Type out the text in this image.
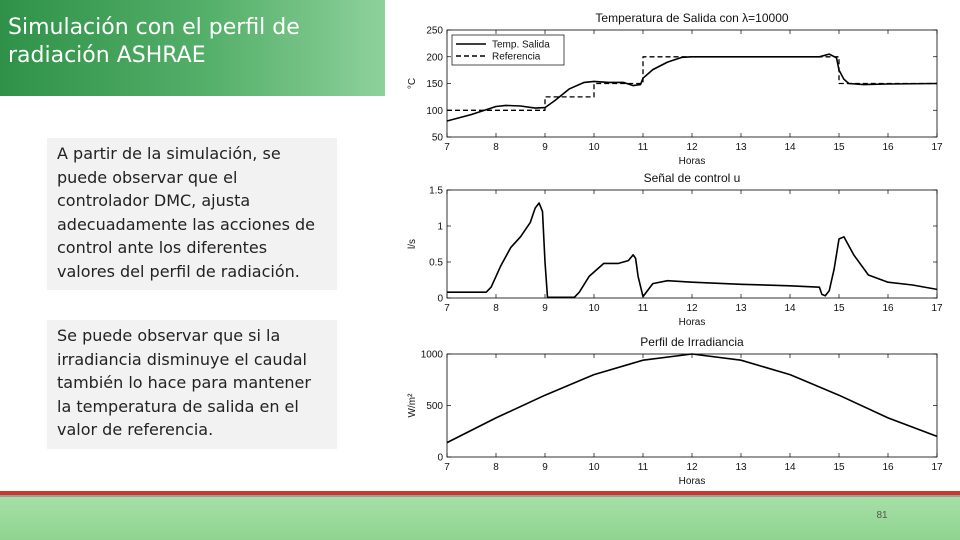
Simulación con el perfil de radiación ASHRAE
A partir de la simulación, se puede observar que el controlador DMC, ajusta adecuadamente las acciones de control ante los diferentes valores del perfil de radiación.
Se puede observar que si la irradiancia disminuye el caudal también lo hace para mantener la temperatura de salida en el valor de referencia.
Temperatura de Salida con λ=10000
Horas
°C
7	8	9	10	11	12	13	14	15	16	17
50
100
150
200
250
Temp. Salida
Referencia
Señal de control u
Horas
l/s
7	8	9	10	11	12	13	14	15	16	17
0
0.5
1
1.5
Perfil de Irradiancia
Horas
W/m²
7	8	9	10	11	12	13	14	15	16	17
0
500
1000
81
